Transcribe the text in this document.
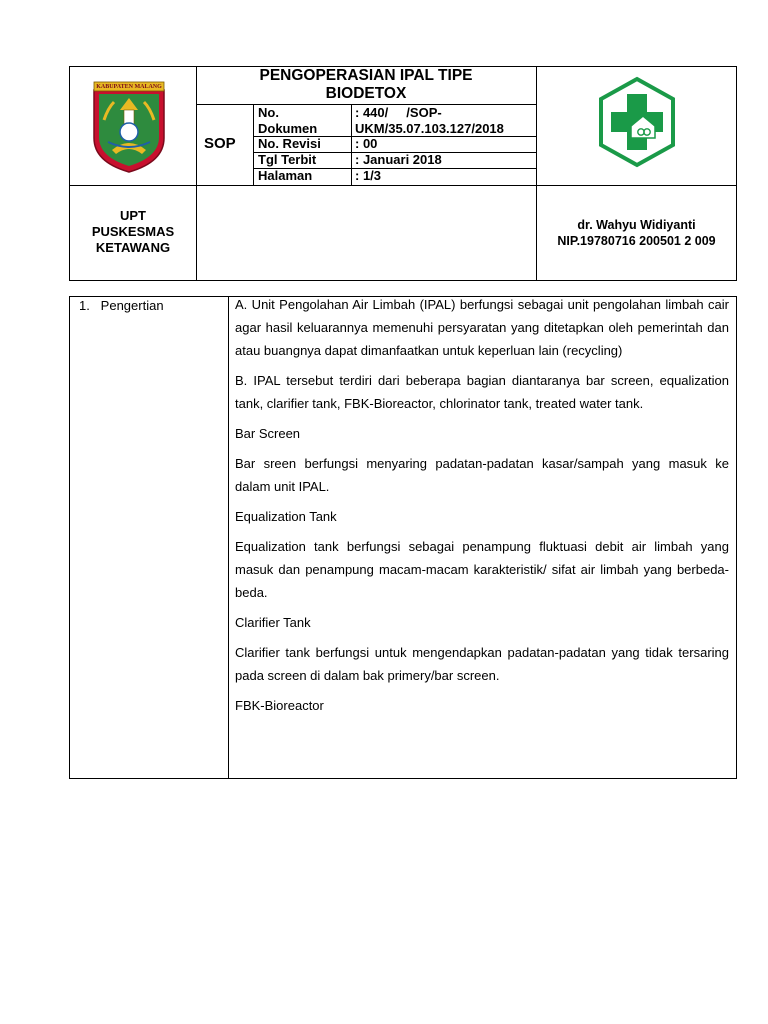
KABUPATEN MALANG
PENGOPERASIAN IPAL TIPE
BIODETOX
SOP
No.
Dokumen
No. Revisi
Tgl Terbit
Halaman
: 440/     /SOP-
UKM/35.07.103.127/2018
: 00
: Januari 2018
: 1/3
UPT
PUSKESMAS
KETAWANG
dr. Wahyu Widiyanti
NIP.19780716 200501 2 009
1.   Pengertian	A. Unit Pengolahan Air Limbah (IPAL) berfungsi sebagai unit pengolahan limbah cair agar hasil keluarannya memenuhi persyaratan yang ditetapkan oleh pemerintah dan atau buangnya dapat dimanfaatkan untuk keperluan lain (recycling)

B. IPAL tersebut terdiri dari beberapa bagian diantaranya bar screen, equalization tank, clarifier tank, FBK-Bioreactor, chlorinator tank, treated water tank.

Bar Screen

Bar sreen berfungsi menyaring padatan-padatan kasar/sampah yang masuk ke dalam unit IPAL.

Equalization Tank

Equalization tank berfungsi sebagai penampung fluktuasi debit air limbah yang masuk dan penampung macam-macam karakteristik/ sifat air limbah yang berbeda-beda.

Clarifier Tank

Clarifier tank berfungsi untuk mengendapkan padatan-padatan yang tidak tersaring pada screen di dalam bak primery/bar screen.

FBK-Bioreactor
